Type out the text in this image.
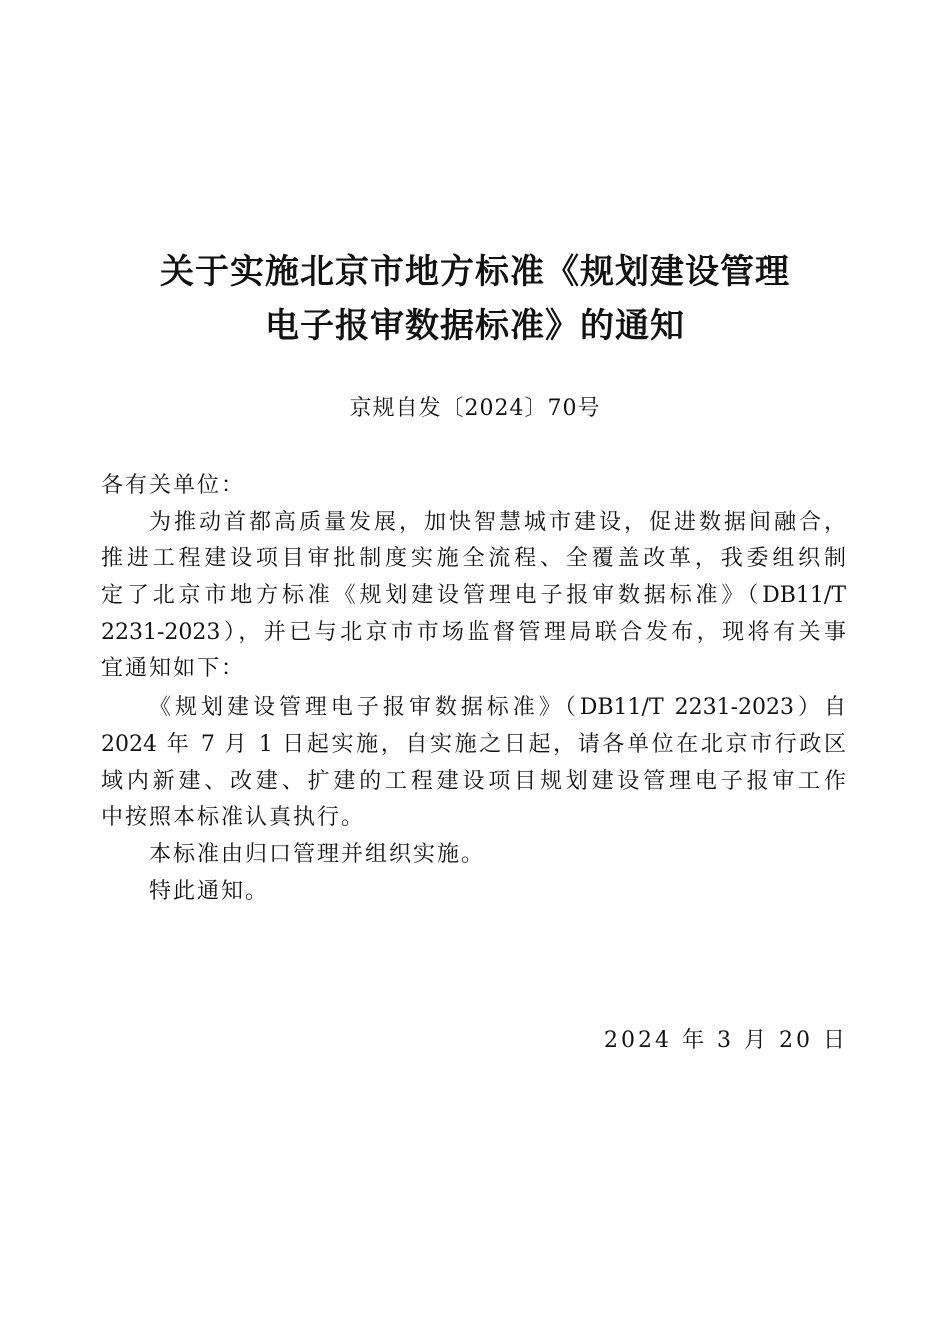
关于实施北京市地方标准《规划建设管理
电子报审数据标准》的通知
京规自发〔2024〕70号
各有关单位：
为推动首都高质量发展，加快智慧城市建设，促进数据间融合，
推进工程建设项目审批制度实施全流程、全覆盖改革，我委组织制
定了北京市地方标准《规划建设管理电子报审数据标准》（DB11/T
2231-2023），并已与北京市市场监督管理局联合发布，现将有关事
宜通知如下：
《规划建设管理电子报审数据标准》（DB11/T 2231-2023）自
2024 年 7 月 1 日起实施，自实施之日起，请各单位在北京市行政区
域内新建、改建、扩建的工程建设项目规划建设管理电子报审工作
中按照本标准认真执行。
本标准由归口管理并组织实施。
特此通知。
2024 年 3 月 20 日
